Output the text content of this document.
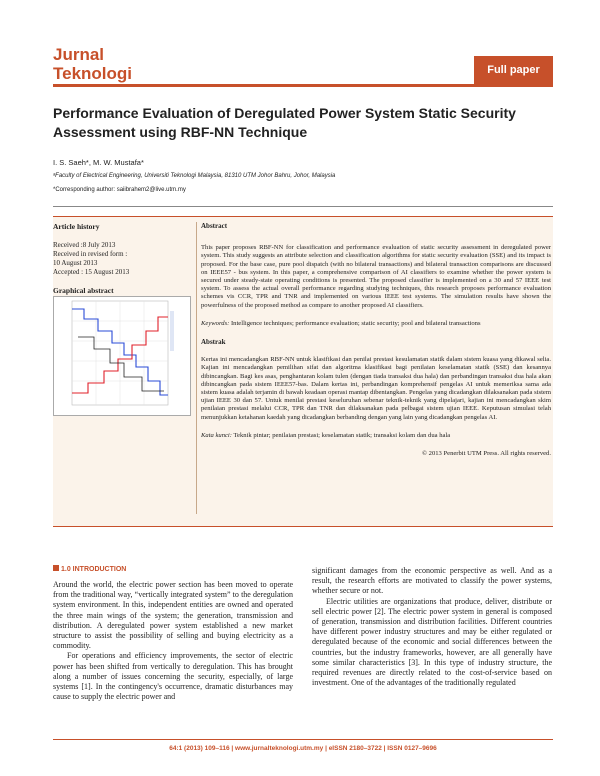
Jurnal
Teknologi	Full paper
Performance Evaluation of Deregulated Power System Static Security Assessment using RBF-NN Technique
I. S. Saeh*, M. W. Mustafa*
ᵃFaculty of Electrical Engineering, Universiti Teknologi Malaysia, 81310 UTM Johor Bahru, Johor, Malaysia
*Corresponding author: saiibrahem2@live.utm.my
Article history

Received :8 July 2013
Received in revised form :
10 August 2013
Accepted : 15 August 2013

Graphical abstract
Abstract

This paper proposes RBF-NN for classification and performance evaluation of static security assessment in deregulated power system. This study suggests an attribute selection and classification algorithms for static security evaluation (SSE) and its impact is proposed. For the base case, pure pool dispatch (with no bilateral transactions) and bilateral transaction comparisons are discussed on IEEE57 - bus system. In this paper, a comprehensive comparison of AI classifiers to examine whether the power system is secured under steady-state operating conditions is presented. The proposed classifier is implemented on a 30 and 57 IEEE test system. To assess the actual overall performance regarding studying techniques, this research proposes performance evaluation schemes vis CCR, TPR and TNR and implemented on various IEEE test systems. The simulation results have shown the powerfulness of the proposed method as compare to another proposed AI classifiers.

Keywords: Intelligence techniques; performance evaluation; static security; pool and bilateral transactions

Abstrak

Kertas ini mencadangkan RBF-NN untuk klasifikasi dan penilai prestasi kesulamatan statik dalam sistem kuasa yang dikawal selia. Kajian ini mencadangkan pemilihan sifat dan algoritma klasifikasi bagi penilaian keselamatan statik (SSE) dan kesannya dibincangkan. Bagi kes asas, penghantaran kolam tulen (dengan tiada transaksi dua hala) dan perbandingan transaksi dua hala akan dibincangkan pada sistem IEEE57-bas. Dalam kertas ini, perbandingan komprehensif pengelas AI untuk memeriksa sama ada sistem kuasa adalah terjamin di bawah keadaan operasi mantap dibentangkan. Pengelas yang dicadangkan dilaksanakan pada sistem ujian IEEE 30 dan 57. Untuk menilai prestasi keseluruhan sebenar teknik-teknik yang dipelajari, kajian ini mencadangkan skim penilaian prestasi melalui CCR, TPR dan TNR dan dilaksanakan pada pelbagai sistem ujian IEEE. Keputusan simulasi telah menunjukkan ketahanan kaedah yang dicadangkan berbanding dengan yang lain yang dicadangkan pengelas AI.

Kata kunci: Teknik pintar; penilaian prestasi; keselamatan statik; transaksi kolam dan dua hala

© 2013 Penerbit UTM Press. All rights reserved.

1.0 INTRODUCTION

Around the world, the electric power section has been moved to operate from the traditional way, “vertically integrated system” to the deregulation system environment. In this, independent entities are owned and operated the three main wings of the system; the generation, transmission and distribution. A deregulated power system established a new market structure to assist the possibility of selling and buying electricity as a commodity.

For operations and efficiency improvements, the sector of electric power has been shifted from vertically to deregulation. This has brought along a number of issues concerning the security, especially, of large systems [1]. In the contingency's occurrence, dramatic disturbances may cause to supply the electric power and

significant damages from the economic perspective as well. And as a result, the research efforts are motivated to classify the power systems, whether secure or not.

Electric utilities are organizations that produce, deliver, distribute or sell electric power [2]. The electric power system in general is composed of generation, transmission and distribution facilities. Different countries have different power industry structures and may be either regulated or deregulated because of the economic and social differences between the countries, but the industry frameworks, however, are all generally have some similar characteristics [3]. In this type of industry structure, the required revenues are directly related to the cost-of-service based on investment. One of the advantages of the traditionally regulated

64:1 (2013) 109–116 | www.jurnalteknologi.utm.my | eISSN 2180–3722 | ISSN 0127–9696
